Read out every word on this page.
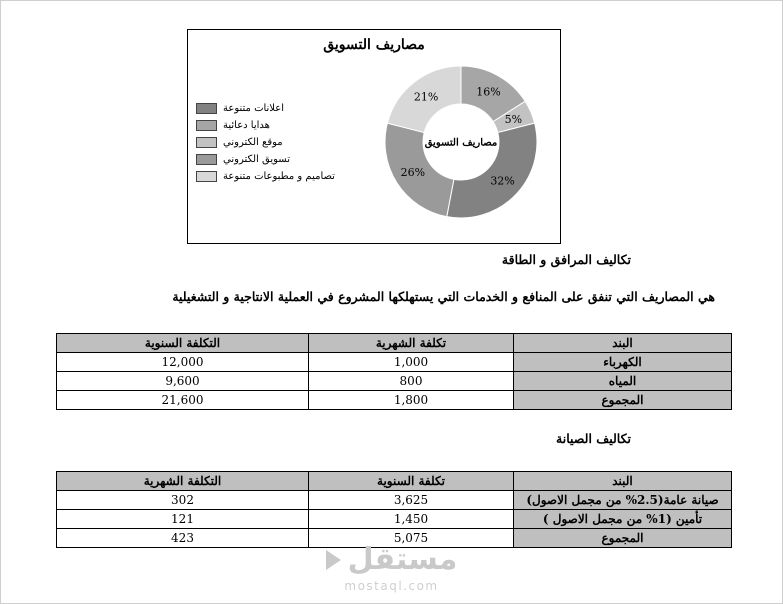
مصاريف التسويق
اعلانات متنوعة
هدايا دعائية
موقع الكتروني
تسويق الكتروني
تصاميم و مطبوعات متنوعة
16%
5%
32%
26%
21%
مصاريف التسويق
تكاليف المرافق و الطاقة
هي المصاريف التي تنفق على المنافع و الخدمات التي يستهلكها المشروع في العملية الانتاجية و التشغيلية
التكلفة السنوية	تكلفة الشهرية	البند
12,000	1,000	الكهرباء
9,600	800	المياه
21,600	1,800	المجموع
تكاليف الصيانة
التكلفة الشهرية	تكلفة السنوية	البند
302	3,625	صيانة عامة(2.5% من مجمل الاصول)
121	1,450	تأمين (1% من مجمل الاصول )
423	5,075	المجموع
مستقل
mostaql.com
